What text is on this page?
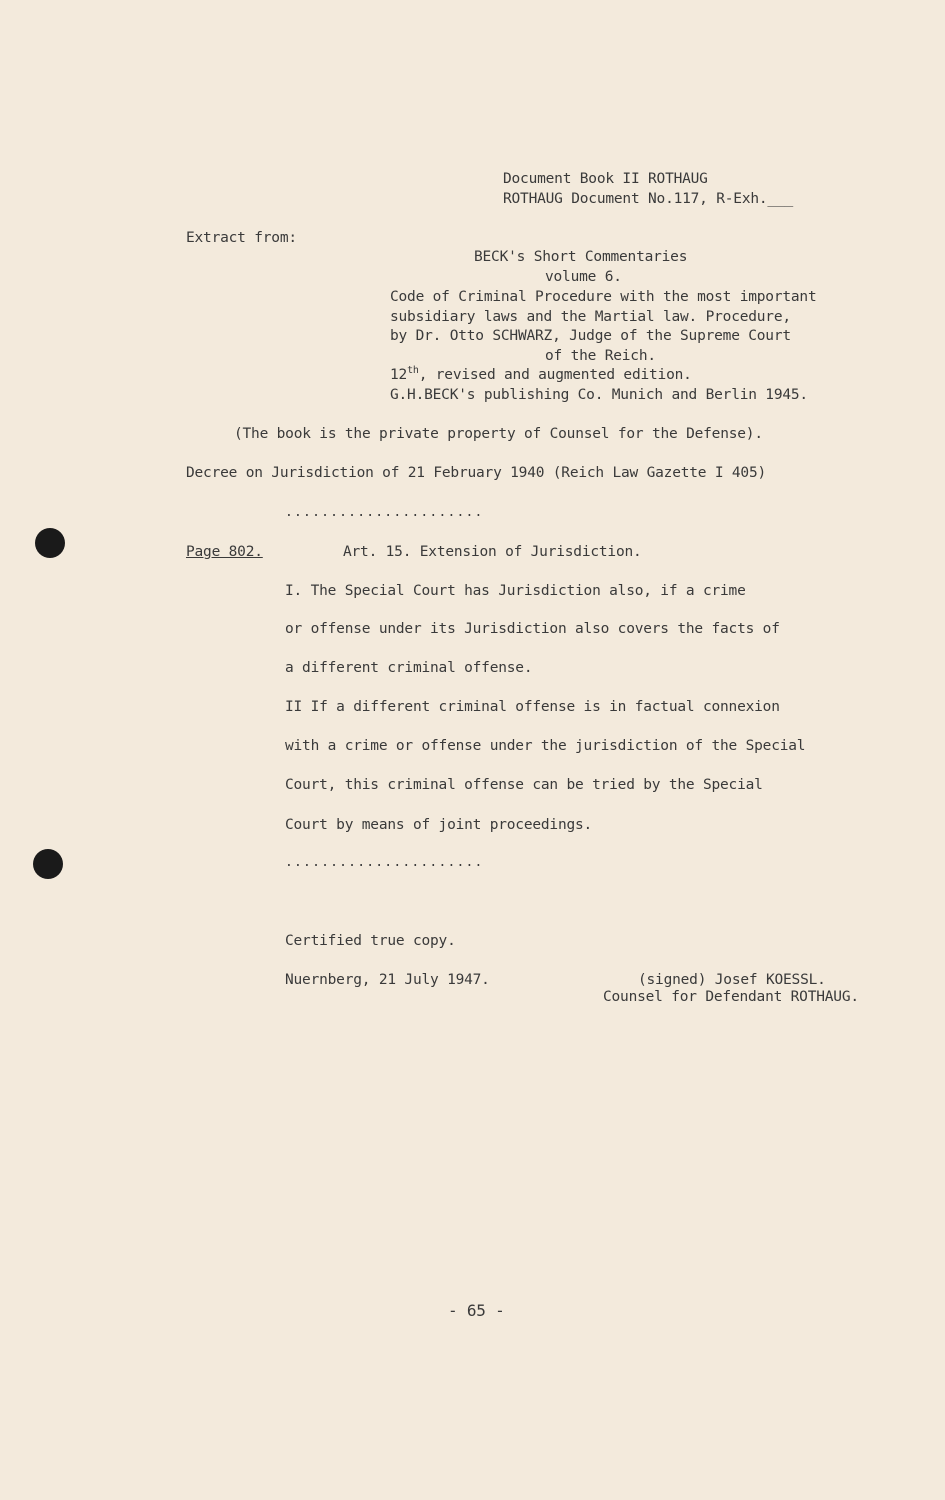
Document Book II ROTHAUG
ROTHAUG Document No.117, R-Exh.___
Extract from:
BECK's Short Commentaries
volume 6.
Code of Criminal Procedure with the most important
subsidiary laws and the Martial law. Procedure,
by Dr. Otto SCHWARZ, Judge of the Supreme Court
of the Reich.
12th, revised and augmented edition.
G.H.BECK's publishing Co. Munich and Berlin 1945.
(The book is the private property of Counsel for the Defense).
Decree on Jurisdiction of 21 February 1940 (Reich Law Gazette I 405)
......................
Page 802.	Art. 15. Extension of Jurisdiction.
I. The Special Court has Jurisdiction also, if a crime
or offense under its Jurisdiction also covers the facts of
a different criminal offense.
II If a different criminal offense is in factual connexion
with a crime or offense under the jurisdiction of the Special
Court, this criminal offense can be tried by the Special
Court by means of joint proceedings.
......................
Certified true copy.
Nuernberg, 21 July 1947.	(signed) Josef KOESSL.
Counsel for Defendant ROTHAUG.
- 65 -
